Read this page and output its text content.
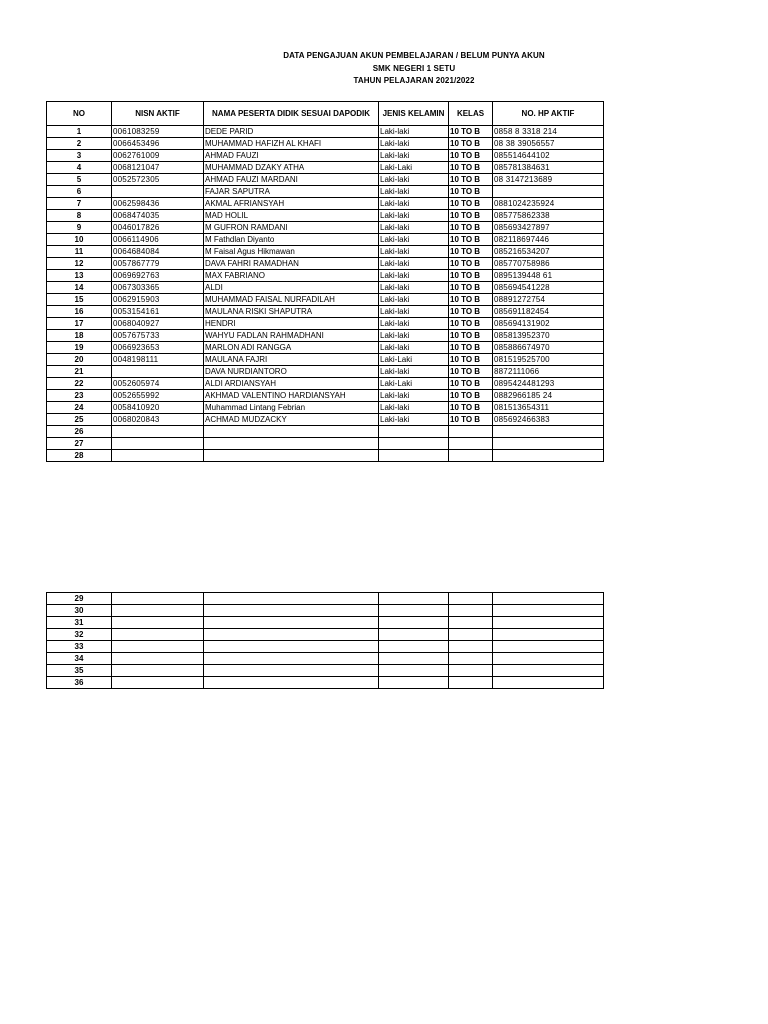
DATA PENGAJUAN AKUN PEMBELAJARAN / BELUM PUNYA AKUN
SMK NEGERI 1 SETU
TAHUN PELAJARAN 2021/2022
NO	NISN AKTIF	NAMA PESERTA DIDIK SESUAI DAPODIK	JENIS KELAMIN	KELAS	NO. HP AKTIF
1	0061083259	DEDE PARID	Laki-laki	10 TO B	0858 8 3318 214
2	0066453496	MUHAMMAD HAFIZH AL KHAFI	Laki-laki	10 TO B	08 38 39056557
3	0062761009	AHMAD FAUZI	Laki-laki	10 TO B	085514644102
4	0068121047	MUHAMMAD DZAKY ATHA	Laki-Laki	10 TO B	085781384631
5	0052572305	AHMAD FAUZI MARDANI	Laki-laki	10 TO B	08 3147213689
6		FAJAR SAPUTRA	Laki-laki	10 TO B	
7	0062598436	AKMAL AFRIANSYAH	Laki-laki	10 TO B	0881024235924
8	0068474035	MAD HOLIL	Laki-laki	10 TO B	085775862338
9	0046017826	M GUFRON RAMDANI	Laki-laki	10 TO B	085693427897
10	0066114906	M Fathdlan Diyanto	Laki-laki	10 TO B	082118697446
11	0064684084	M Faisal Agus Hikmawan	Laki-laki	10 TO B	085216534207
12	0057867779	DAVA FAHRI RAMADHAN	Laki-laki	10 TO B	085770758986
13	0069692763	MAX FABRIANO	Laki-laki	10 TO B	0895139448 61
14	0067303365	ALDI	Laki-laki	10 TO B	085694541228
15	0062915903	MUHAMMAD FAISAL NURFADILAH	Laki-laki	10 TO B	08891272754
16	0053154161	MAULANA RISKI SHAPUTRA	Laki-laki	10 TO B	085691182454
17	0068040927	HENDRI	Laki-laki	10 TO B	085694131902
18	0057675733	WAHYU FADLAN RAHMADHANI	Laki-laki	10 TO B	085813952370
19	0066923653	MARLON ADI RANGGA	Laki-laki	10 TO B	085886674970
20	0048198111	MAULANA FAJRI	Laki-Laki	10 TO B	081519525700
21		DAVA NURDIANTORO	Laki-laki	10 TO B	8872111066
22	0052605974	ALDI ARDIANSYAH	Laki-Laki	10 TO B	0895424481293
23	0052655992	AKHMAD VALENTINO HARDIANSYAH	Laki-laki	10 TO B	0882966185 24
24	0058410920	Muhammad Lintang Febrian	Laki-laki	10 TO B	081513654311
25	0068020843	ACHMAD MUDZACKY	Laki-laki	10 TO B	085692466383
26					
27					
28					
29					
30					
31					
32					
33					
34					
35					
36					
